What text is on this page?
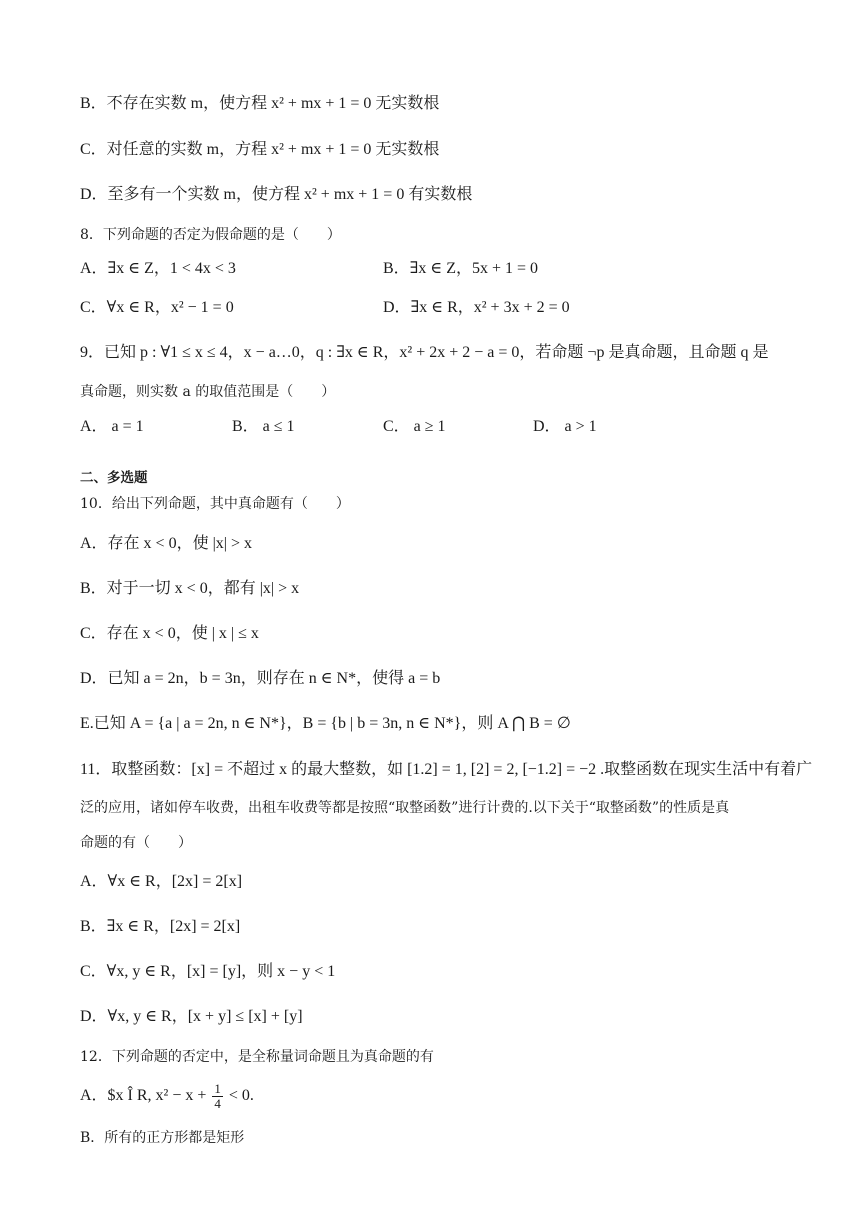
B．不存在实数 m，使方程 x² + mx + 1 = 0 无实数根
C．对任意的实数 m，方程 x² + mx + 1 = 0 无实数根
D．至多有一个实数 m，使方程 x² + mx + 1 = 0 有实数根
8．下列命题的否定为假命题的是（　　）
A．∃x ∈ Z，1 < 4x < 3	B．∃x ∈ Z，5x + 1 = 0
C．∀x ∈ R，x² − 1 = 0	D．∃x ∈ R，x² + 3x + 2 = 0
9．已知 p : ∀1 ≤ x ≤ 4，x − a…0，q : ∃x ∈ R，x² + 2x + 2 − a = 0，若命题 ¬p 是真命题，且命题 q 是
真命题，则实数 a 的取值范围是（　　）
A． a = 1	B． a ≤ 1	C． a ≥ 1	D． a > 1
二、多选题
10．给出下列命题，其中真命题有（　　）
A．存在 x < 0，使 |x| > x
B．对于一切 x < 0，都有 |x| > x
C．存在 x < 0，使 | x | ≤ x
D．已知 a = 2n，b = 3n，则存在 n ∈ N*，使得 a = b
E.已知 A = {a | a = 2n, n ∈ N*}，B = {b | b = 3n, n ∈ N*}，则 A ⋂ B = ∅
11．取整函数：[x] = 不超过 x 的最大整数，如 [1.2] = 1, [2] = 2, [−1.2] = −2 .取整函数在现实生活中有着广
泛的应用，诸如停车收费，出租车收费等都是按照“取整函数”进行计费的.以下关于“取整函数”的性质是真
命题的有（　　）
A．∀x ∈ R，[2x] = 2[x]
B．∃x ∈ R，[2x] = 2[x]
C．∀x, y ∈ R，[x] = [y]，则 x − y < 1
D．∀x, y ∈ R，[x + y] ≤ [x] + [y]
12．下列命题的否定中，是全称量词命题且为真命题的有
A．$x Î R, $x^2 - x + \frac{1}{4} < 0$.
B．所有的正方形都是矩形
